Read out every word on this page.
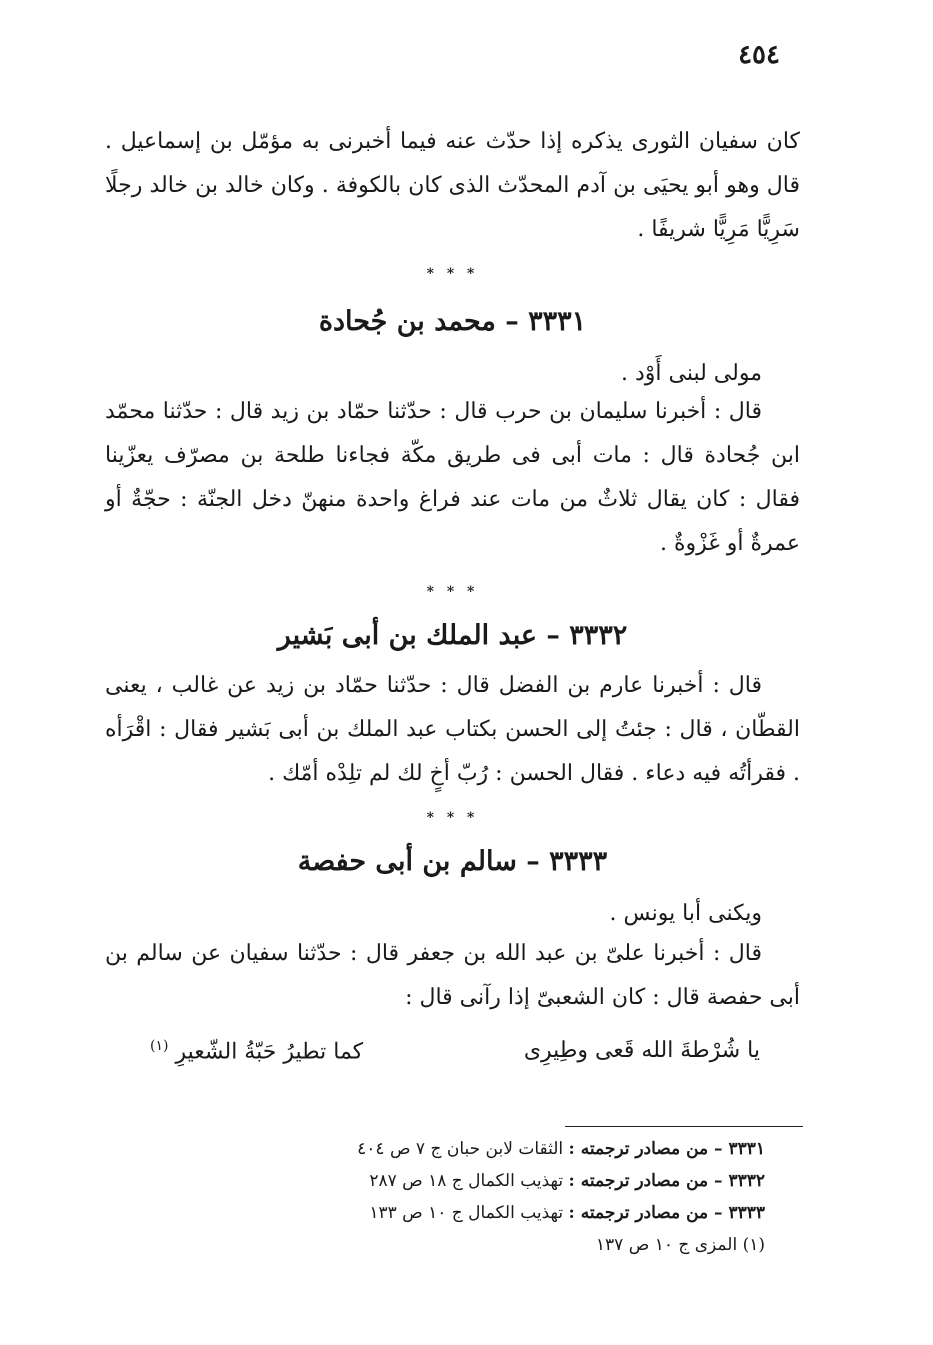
٤٥٤
كان سفيان الثورى يذكره إذا حدّث عنه فيما أخبرنى به مؤمّل بن إسماعيل . قال وهو أبو يحيَى بن آدم المحدّث الذى كان بالكوفة . وكان خالد بن خالد رجلًا سَرِيًّا مَرِيًّا شريفًا .
* * *
٣٣٣١ – محمد بن جُحادة
مولى لبنى أَوْد .
قال : أخبرنا سليمان بن حرب قال : حدّثنا حمّاد بن زيد قال : حدّثنا محمّد ابن جُحادة قال : مات أبى فى طريق مكّة فجاءنا طلحة بن مصرّف يعزّينا فقال : كان يقال ثلاثٌ من مات عند فراغ واحدة منهنّ دخل الجنّة : حجّةٌ أو عمرةٌ أو غَزْوةٌ .
* * *
٣٣٣٢ – عبد الملك بن أبى بَشير
قال : أخبرنا عارم بن الفضل قال : حدّثنا حمّاد بن زيد عن غالب ، يعنى القطّان ، قال : جئتُ إلى الحسن بكتاب عبد الملك بن أبى بَشير فقال : اقْرَأه . فقرأتُه فيه دعاء . فقال الحسن : رُبّ أخٍ لك لم تلِدْه أمّك .
* * *
٣٣٣٣ – سالم بن أبى حفصة
ويكنى أبا يونس .
قال : أخبرنا علىّ بن عبد الله بن جعفر قال : حدّثنا سفيان عن سالم بن أبى حفصة قال : كان الشعبىّ إذا رآنى قال :
يا شُرْطةَ الله قَعى وطِيرِى
كما تطيرُ حَبّةُ الشّعيرِ $^{(١)}$
٣٣٣١ – من مصادر ترجمته : الثقات لابن حبان ج ٧ ص ٤٠٤
٣٣٣٢ – من مصادر ترجمته : تهذيب الكمال ج ١٨ ص ٢٨٧
٣٣٣٣ – من مصادر ترجمته : تهذيب الكمال ج ١٠ ص ١٣٣
(١) المزى ج ١٠ ص ١٣٧
